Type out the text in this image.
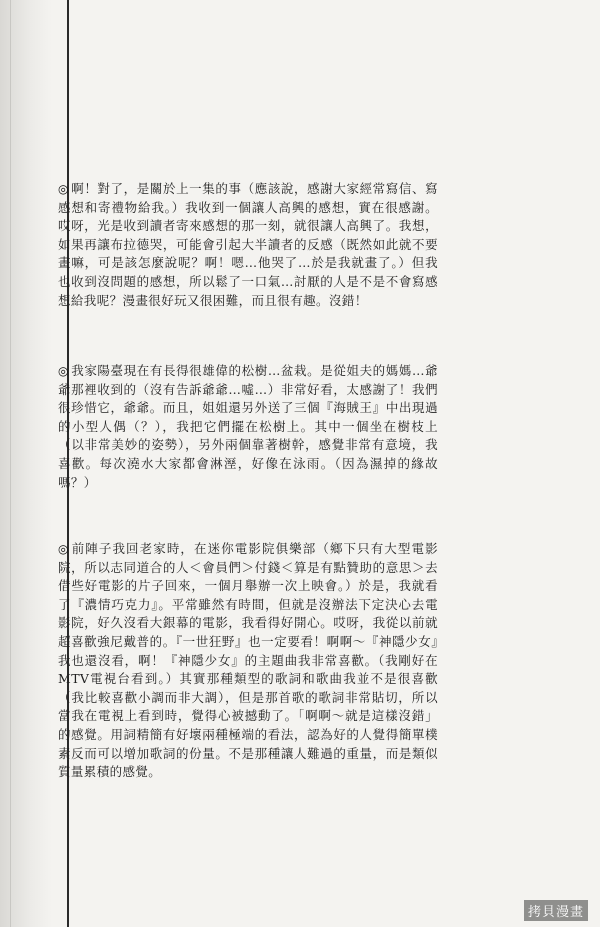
◎ 啊！對了，是關於上一集的事（應該說，感謝大家經常寫信、寫感想和寄禮物給我。）我收到一個讓人高興的感想，實在很感謝。哎呀，光是收到讀者寄來感想的那一刻，就很讓人高興了。我想，如果再讓布拉德哭，可能會引起大半讀者的反感（既然如此就不要畫嘛，可是該怎麼說呢？啊！嗯…他哭了…於是我就畫了。）但我也收到沒問題的感想，所以鬆了一口氣…討厭的人是不是不會寫感想給我呢？漫畫很好玩又很困難，而且很有趣。沒錯！
◎ 我家陽臺現在有長得很雄偉的松樹…盆栽。是從姐夫的媽媽…爺爺那裡收到的（沒有告訴爺爺…噓…）非常好看，太感謝了！我們很珍惜它，爺爺。而且，姐姐還另外送了三個『海賊王』中出現過的小型人偶（？），我把它們擺在松樹上。其中一個坐在樹枝上（以非常美妙的姿勢），另外兩個靠著樹幹，感覺非常有意境，我喜歡。每次澆水大家都會淋溼，好像在泳雨。（因為濕掉的緣故嗎？）
◎ 前陣子我回老家時，在迷你電影院俱樂部（鄉下只有大型電影院，所以志同道合的人＜會員們＞付錢＜算是有點贊助的意思＞去借些好電影的片子回來，一個月舉辦一次上映會。）於是，我就看了『濃情巧克力』。平常雖然有時間，但就是沒辦法下定決心去電影院，好久沒看大銀幕的電影，我看得好開心。哎呀，我從以前就超喜歡強尼戴普的。『一世狂野』也一定要看！啊啊～『神隱少女』我也還沒看，啊！『神隱少女』的主題曲我非常喜歡。（我剛好在MTV電視台看到。）其實那種類型的歌詞和歌曲我並不是很喜歡（我比較喜歡小調而非大調），但是那首歌的歌詞非常貼切，所以當我在電視上看到時，覺得心被撼動了。「啊啊～就是這樣沒錯」的感覺。用詞精簡有好壞兩種極端的看法，認為好的人覺得簡單樸素反而可以增加歌詞的份量。不是那種讓人難過的重量，而是類似質量累積的感覺。
拷貝漫畫
